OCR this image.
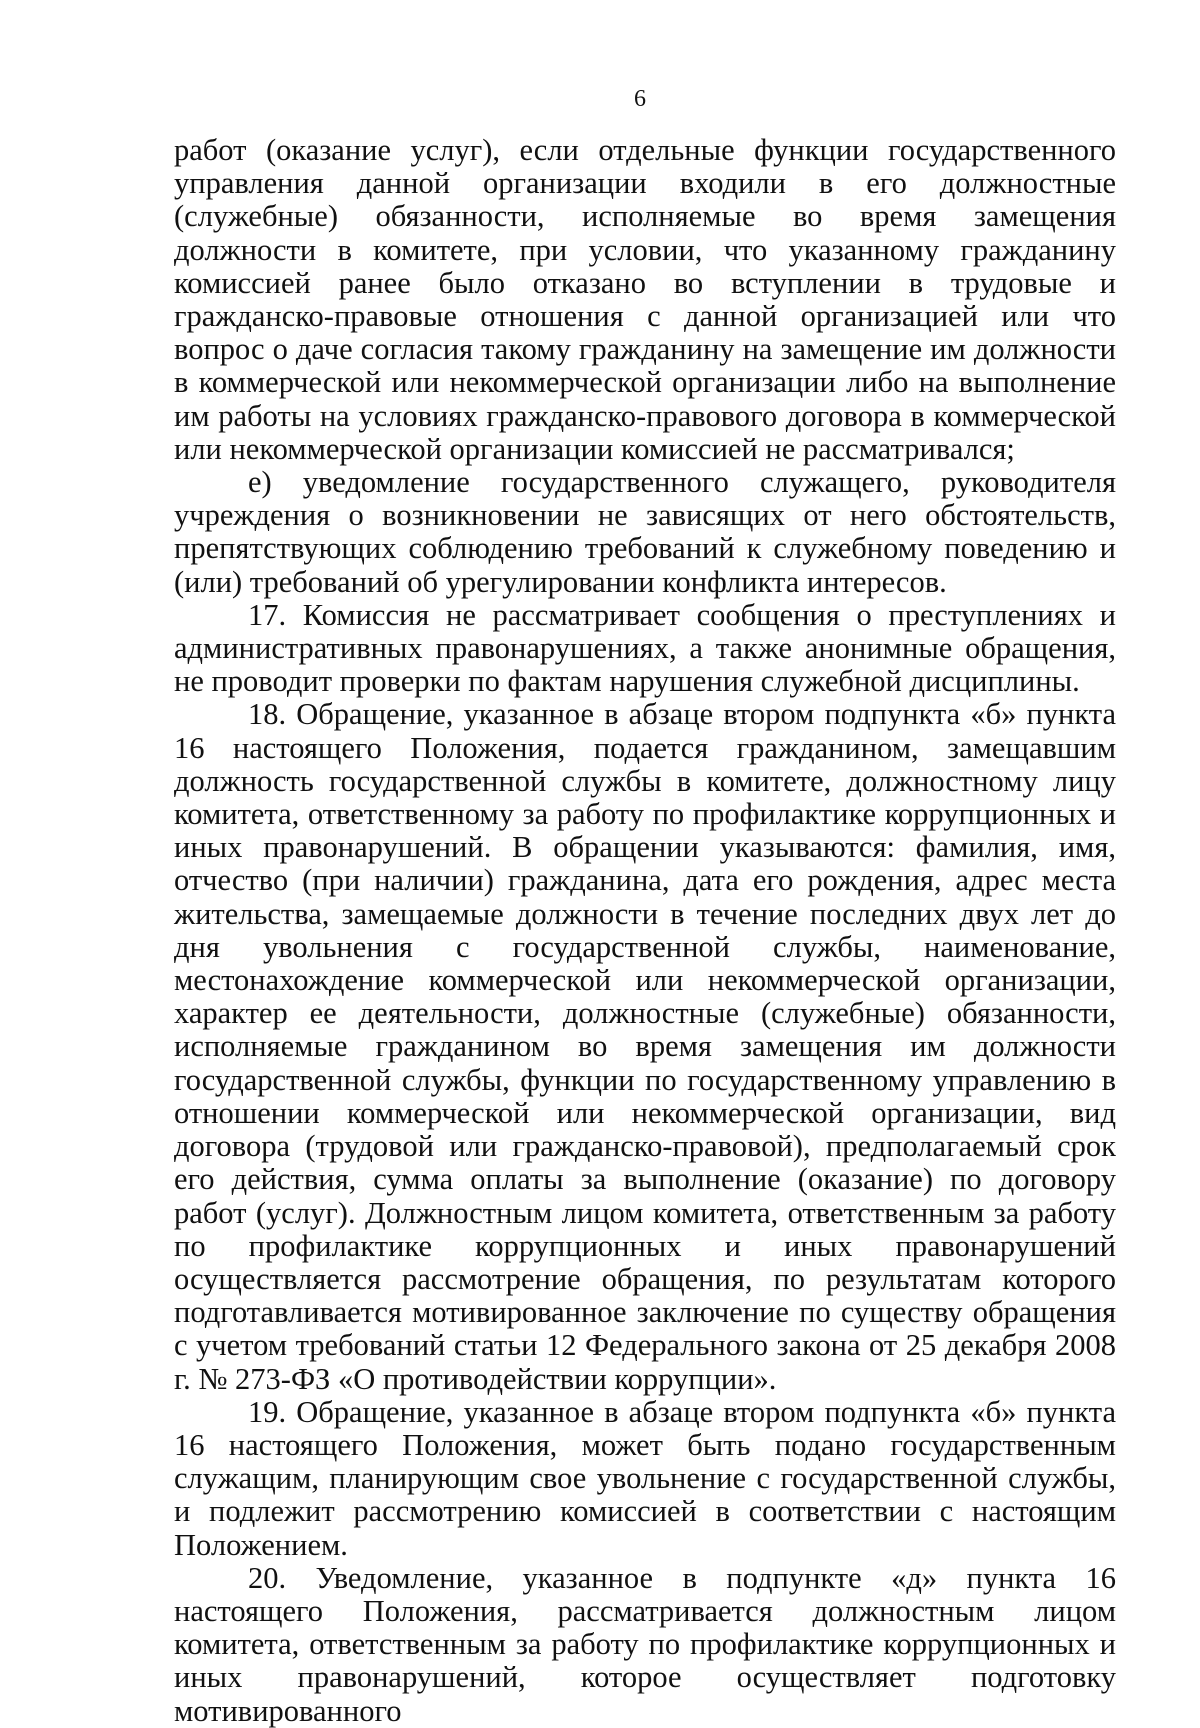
6

работ (оказание услуг), если отдельные функции государственного управления данной организации входили в его должностные (служебные) обязанности, исполняемые во время замещения должности в комитете, при условии, что указанному гражданину комиссией ранее было отказано во вступлении в трудовые и гражданско-правовые отношения с данной организацией или что вопрос о даче согласия такому гражданину на замещение им должности в коммерческой или некоммерческой организации либо на выполнение им работы на условиях гражданско-правового договора в коммерческой или некоммерческой организации комиссией не рассматривался;

е) уведомление государственного служащего, руководителя учреждения о возникновении не зависящих от него обстоятельств, препятствующих соблюдению требований к служебному поведению и (или) требований об урегулировании конфликта интересов.

17. Комиссия не рассматривает сообщения о преступлениях и административных правонарушениях, а также анонимные обращения, не проводит проверки по фактам нарушения служебной дисциплины.

18. Обращение, указанное в абзаце втором подпункта «б» пункта 16 настоящего Положения, подается гражданином, замещавшим должность государственной службы в комитете, должностному лицу комитета, ответственному за работу по профилактике коррупционных и иных правонарушений. В обращении указываются: фамилия, имя, отчество (при наличии) гражданина, дата его рождения, адрес места жительства, замещаемые должности в течение последних двух лет до дня увольнения с государственной службы, наименование, местонахождение коммерческой или некоммерческой организации, характер ее деятельности, должностные (служебные) обязанности, исполняемые гражданином во время замещения им должности государственной службы, функции по государственному управлению в отношении коммерческой или некоммерческой организации, вид договора (трудовой или гражданско-правовой), предполагаемый срок его действия, сумма оплаты за выполнение (оказание) по договору работ (услуг). Должностным лицом комитета, ответственным за работу по профилактике коррупционных и иных правонарушений осуществляется рассмотрение обращения, по результатам которого подготавливается мотивированное заключение по существу обращения с учетом требований статьи 12 Федерального закона от 25 декабря 2008 г. № 273-ФЗ «О противодействии коррупции».

19. Обращение, указанное в абзаце втором подпункта «б» пункта 16 настоящего Положения, может быть подано государственным служащим, планирующим свое увольнение с государственной службы, и подлежит рассмотрению комиссией в соответствии с настоящим Положением.

20. Уведомление, указанное в подпункте «д» пункта 16 настоящего Положения, рассматривается должностным лицом комитета, ответственным за работу по профилактике коррупционных и иных правонарушений, которое осуществляет подготовку мотивированного
